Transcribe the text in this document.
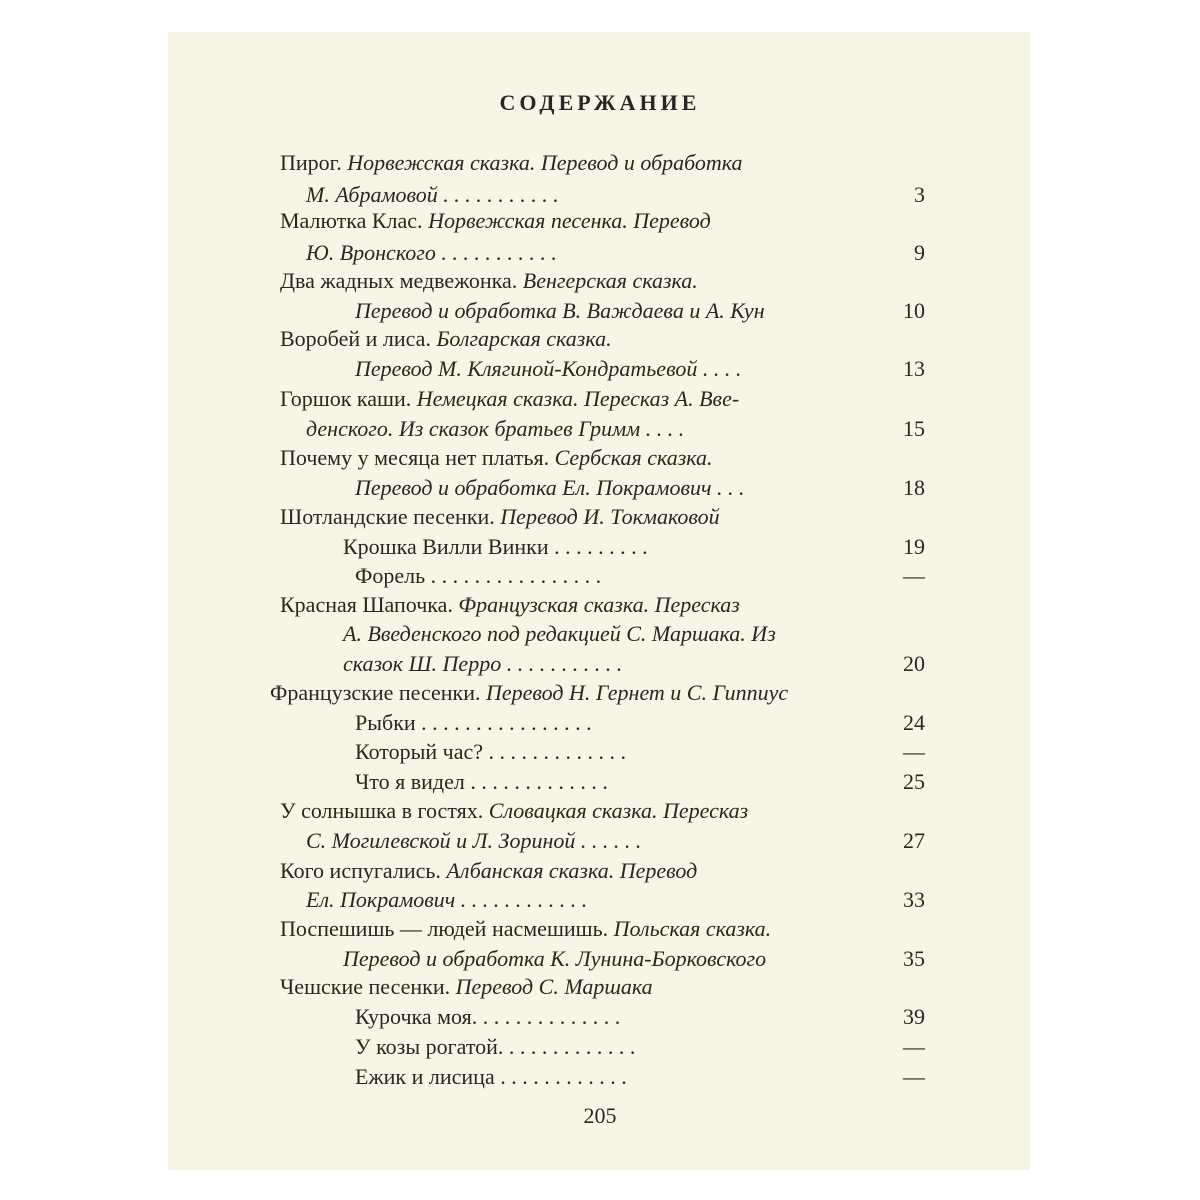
СОДЕРЖАНИЕ
Пирог. Норвежская сказка. Перевод и обработка
М. Абрамовой . . . . . . . . . . .	3
Малютка Клас. Норвежская песенка. Перевод
Ю. Вронского . . . . . . . . . . .	9
Два жадных медвежонка. Венгерская сказка.
Перевод и обработка В. Важдаева и А. Кун	10
Воробей и лиса. Болгарская сказка.
Перевод М. Клягиной-Кондратьевой . . . .	13
Горшок каши. Немецкая сказка. Пересказ А. Вве-
денского. Из сказок братьев Гримм . . . .	15
Почему у месяца нет платья. Сербская сказка.
Перевод и обработка Ел. Покрамович . . .	18
Шотландские песенки. Перевод И. Токмаковой
Крошка Вилли Винки . . . . . . . . .	19
Форель . . . . . . . . . . . . . . . .	—
Красная Шапочка. Французская сказка. Пересказ
А. Введенского под редакцией С. Маршака. Из
сказок Ш. Перро . . . . . . . . . . .	20
Французские песенки. Перевод Н. Гернет и С. Гиппиус
Рыбки . . . . . . . . . . . . . . . .	24
Который час? . . . . . . . . . . . . .	—
Что я видел . . . . . . . . . . . . .	25
У солнышка в гостях. Словацкая сказка. Пересказ
С. Могилевской и Л. Зориной . . . . . .	27
Кого испугались. Албанская сказка. Перевод
Ел. Покрамович . . . . . . . . . . . .	33
Поспешишь — людей насмешишь. Польская сказка.
Перевод и обработка К. Лунина-Борковского	35
Чешские песенки. Перевод С. Маршака
Курочка моя. . . . . . . . . . . . . .	39
У козы рогатой. . . . . . . . . . . . .	—
Ежик и лисица . . . . . . . . . . . .	—
205
